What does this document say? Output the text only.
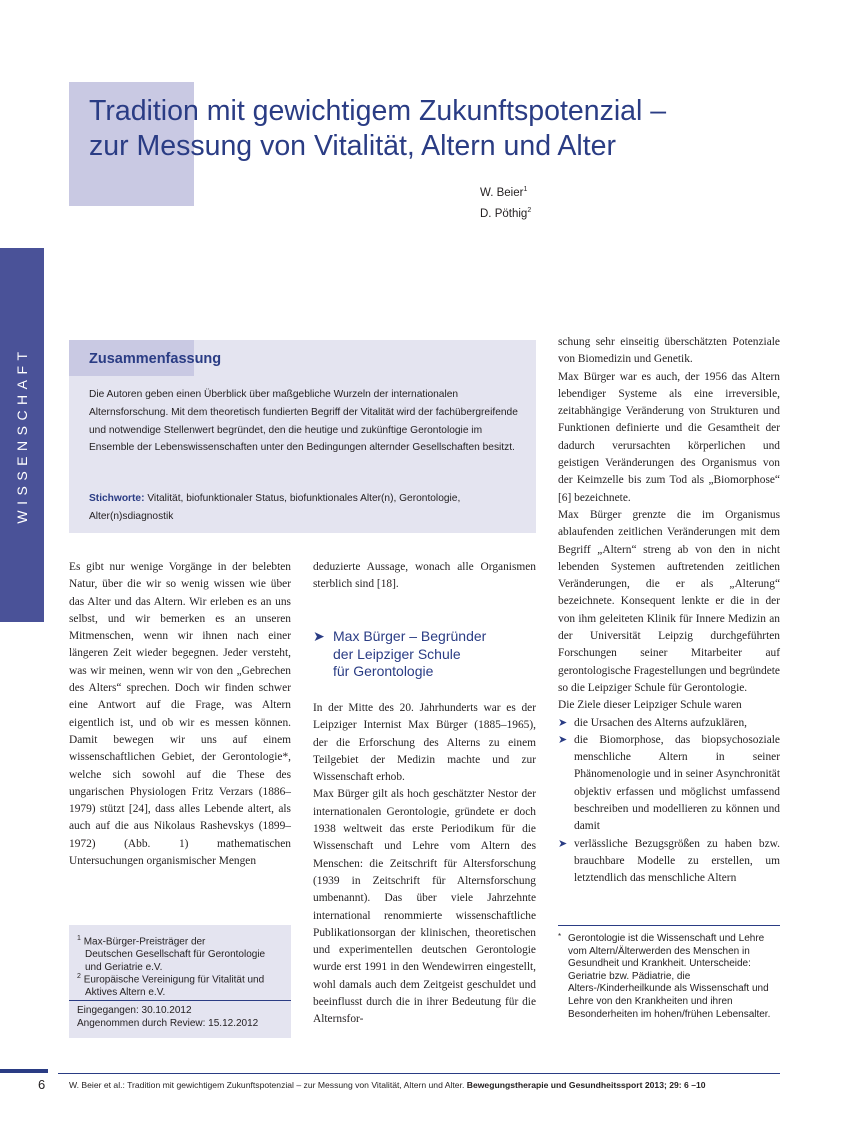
Tradition mit gewichtigem Zukunftspotenzial –
zur Messung von Vitalität, Altern und Alter
W. Beier$^1$
D. Pöthig$^2$
WISSENSCHAFT	Zusammenfassung
Die Autoren geben einen Überblick über maßgebliche Wurzeln der internationalen Alternsforschung. Mit dem theoretisch fundierten Begriff der Vitalität wird der fachübergreifende und notwendige Stellenwert begründet, den die heutige und zukünftige Gerontologie im Ensemble der Lebenswissenschaften unter den Bedingungen alternder Gesellschaften besitzt.
Stichworte: Vitalität, biofunktionaler Status, biofunktionales Alter(n), Gerontologie, Alter(n)sdiagnostik

Es gibt nur wenige Vorgänge in der belebten Natur, über die wir so wenig wissen wie über das Alter und das Altern. Wir erleben es an uns selbst, und wir bemerken es an unseren Mitmenschen, wenn wir ihnen nach einer längeren Zeit wieder begegnen. Jeder versteht, was wir meinen, wenn wir von den „Gebrechen des Alters“ sprechen. Doch wir finden schwer eine Antwort auf die Frage, was Altern eigentlich ist, und ob wir es messen können. Damit bewegen wir uns auf einem wissenschaftlichen Gebiet, der Gerontologie*, welche sich sowohl auf die These des ungarischen Physiologen Fritz Verzars (1886–1979) stützt [24], dass alles Lebende altert, als auch auf die aus Nikolaus Rashevskys (1899–1972) (Abb. 1) mathematischen Untersuchungen organismischer Mengen

deduzierte Aussage, wonach alle Organismen sterblich sind [18].

➤ Max Bürger – Begründer
der Leipziger Schule
für Gerontologie

In der Mitte des 20. Jahrhunderts war es der Leipziger Internist Max Bürger (1885–1965), der die Erforschung des Alterns zu einem Teilgebiet der Medizin machte und zur Wissenschaft erhob.

Max Bürger gilt als hoch geschätzter Nestor der internationalen Gerontologie, gründete er doch 1938 weltweit das erste Periodikum für die Wissenschaft und Lehre vom Altern des Menschen: die Zeitschrift für Altersforschung (1939 in Zeitschrift für Alternsforschung umbenannt). Das über viele Jahrzehnte international renommierte wissenschaftliche Publikationsorgan der klinischen, theoretischen und experimentellen deutschen Gerontologie wurde erst 1991 in den Wendewirren eingestellt, wohl damals auch dem Zeitgeist geschuldet und beeinflusst durch die in ihrer Bedeutung für die Alternsfor-

schung sehr einseitig überschätzten Potenziale von Biomedizin und Genetik.

Max Bürger war es auch, der 1956 das Altern lebendiger Systeme als eine irreversible, zeitabhängige Veränderung von Strukturen und Funktionen definierte und die Gesamtheit der dadurch verursachten körperlichen und geistigen Veränderungen des Organismus von der Keimzelle bis zum Tod als „Biomorphose“ [6] bezeichnete.

Max Bürger grenzte die im Organismus ablaufenden zeitlichen Veränderungen mit dem Begriff „Altern“ streng ab von den in nicht lebenden Systemen auftretenden zeitlichen Veränderungen, die er als „Alterung“ bezeichnete. Konsequent lenkte er die in der von ihm geleiteten Klinik für Innere Medizin an der Universität Leipzig durchgeführten Forschungen seiner Mitarbeiter auf gerontologische Fragestellungen und begründete so die Leipziger Schule für Gerontologie.

Die Ziele dieser Leipziger Schule waren

➤ die Ursachen des Alterns aufzuklären,
➤ die Biomorphose, das biopsychosoziale menschliche Altern in seiner Phänomenologie und in seiner Asynchronität objektiv erfassen und möglichst umfassend beschreiben und modellieren zu können und damit
➤ verlässliche Bezugsgrößen zu haben bzw. brauchbare Modelle zu erstellen, um letztendlich das menschliche Altern
$^1$ Max-Bürger-Preisträger der
Deutschen Gesellschaft für Gerontologie
und Geriatrie e.V.
$^2$ Europäische Vereinigung für Vitalität und
Aktives Altern e.V.
Eingegangen: 30.10.2012
Angenommen durch Review: 15.12.2012
* Gerontologie ist die Wissenschaft und Lehre vom Altern/Älterwerden des Menschen in Gesundheit und Krankheit. Unterscheide: Geriatrie bzw. Pädiatrie, die Alters-/Kinderheilkunde als Wissenschaft und Lehre von den Krankheiten und ihren Besonderheiten im hohen/frühen Lebensalter.
6	W. Beier et al.: Tradition mit gewichtigem Zukunftspotenzial – zur Messung von Vitalität, Altern und Alter. Bewegungstherapie und Gesundheitssport 2013; 29: 6 –10
